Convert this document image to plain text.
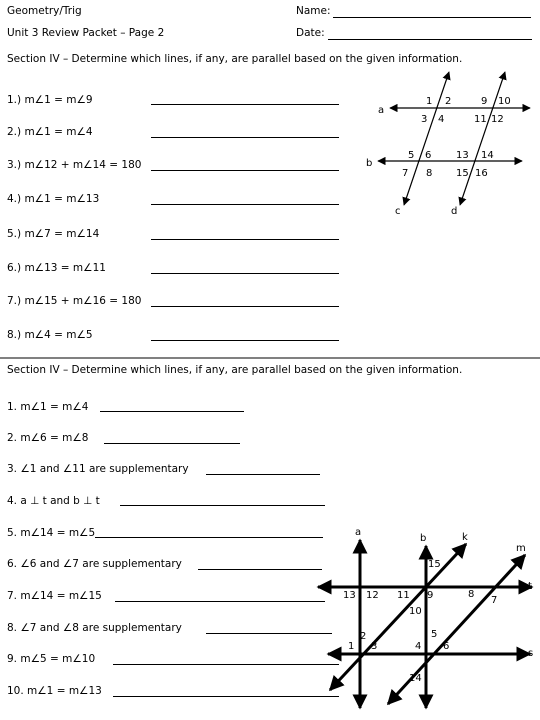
Geometry/Trig
Unit 3 Review Packet – Page 2
Name:
Date:
Section IV – Determine which lines, if any, are parallel based on the given information.
1.) m∠1 = m∠9
2.) m∠1 = m∠4
3.) m∠12 + m∠14 = 180
4.) m∠1 = m∠13
5.) m∠7 = m∠14
6.) m∠13 = m∠11
7.) m∠15 + m∠16 = 180
8.) m∠4 = m∠5
a
b
c	d
1 2
3 4
9 10
11 12
5 6
7 8
13 14
15 16
a
b	k
m
t
s
15
13 12 11 9	8
7
10
2
1 3
5
4 6
14
Section IV – Determine which lines, if any, are parallel based on the given information.
1. m∠1 = m∠4
2. m∠6 = m∠8
3. ∠1 and ∠11 are supplementary
4. a ⊥ t and b ⊥ t
5. m∠14 = m∠5
6. ∠6 and ∠7 are supplementary
7. m∠14 = m∠15
8. ∠7 and ∠8 are supplementary
9. m∠5 = m∠10
10. m∠1 = m∠13
